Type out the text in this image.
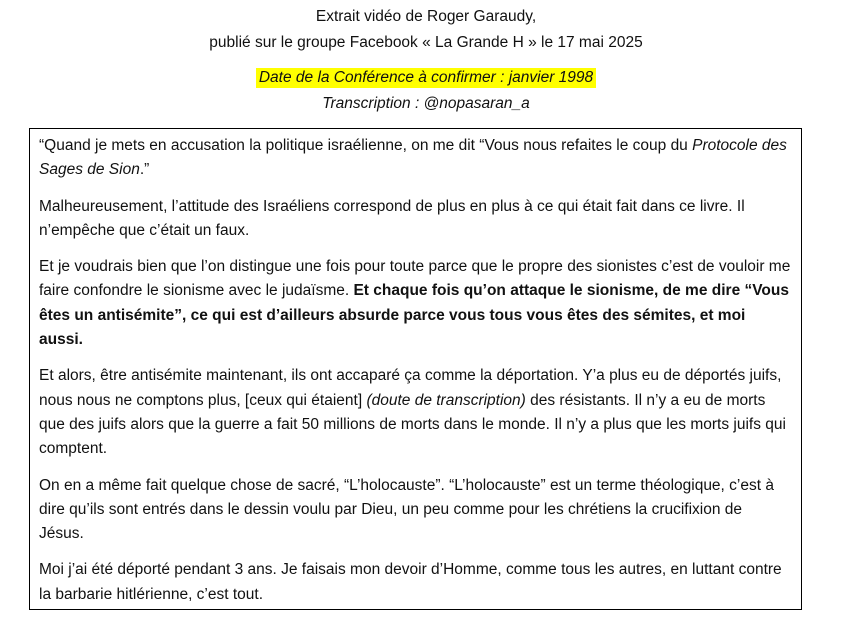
Extrait vidéo de Roger Garaudy,
publié sur le groupe Facebook « La Grande H » le 17 mai 2025
Date de la Conférence à confirmer : janvier 1998
Transcription : @nopasaran_a

“Quand je mets en accusation la politique israélienne, on me dit “Vous nous refaites le coup du Protocole des Sages de Sion.”

Malheureusement, l’attitude des Israéliens correspond de plus en plus à ce qui était fait dans ce livre. Il n’empêche que c’était un faux.

Et je voudrais bien que l’on distingue une fois pour toute parce que le propre des sionistes c’est de vouloir me faire confondre le sionisme avec le judaïsme. Et chaque fois qu’on attaque le sionisme, de me dire “Vous êtes un antisémite”, ce qui est d’ailleurs absurde parce vous tous vous êtes des sémites, et moi aussi.

Et alors, être antisémite maintenant, ils ont accaparé ça comme la déportation. Y’a plus eu de déportés juifs, nous nous ne comptons plus, [ceux qui étaient] (doute de transcription) des résistants. Il n’y a eu de morts que des juifs alors que la guerre a fait 50 millions de morts dans le monde. Il n’y a plus que les morts juifs qui comptent.

On en a même fait quelque chose de sacré, “L’holocauste”. “L’holocauste” est un terme théologique, c’est à dire qu’ils sont entrés dans le dessin voulu par Dieu, un peu comme pour les chrétiens la crucifixion de Jésus.

Moi j’ai été déporté pendant 3 ans. Je faisais mon devoir d’Homme, comme tous les autres, en luttant contre la barbarie hitlérienne, c’est tout.
